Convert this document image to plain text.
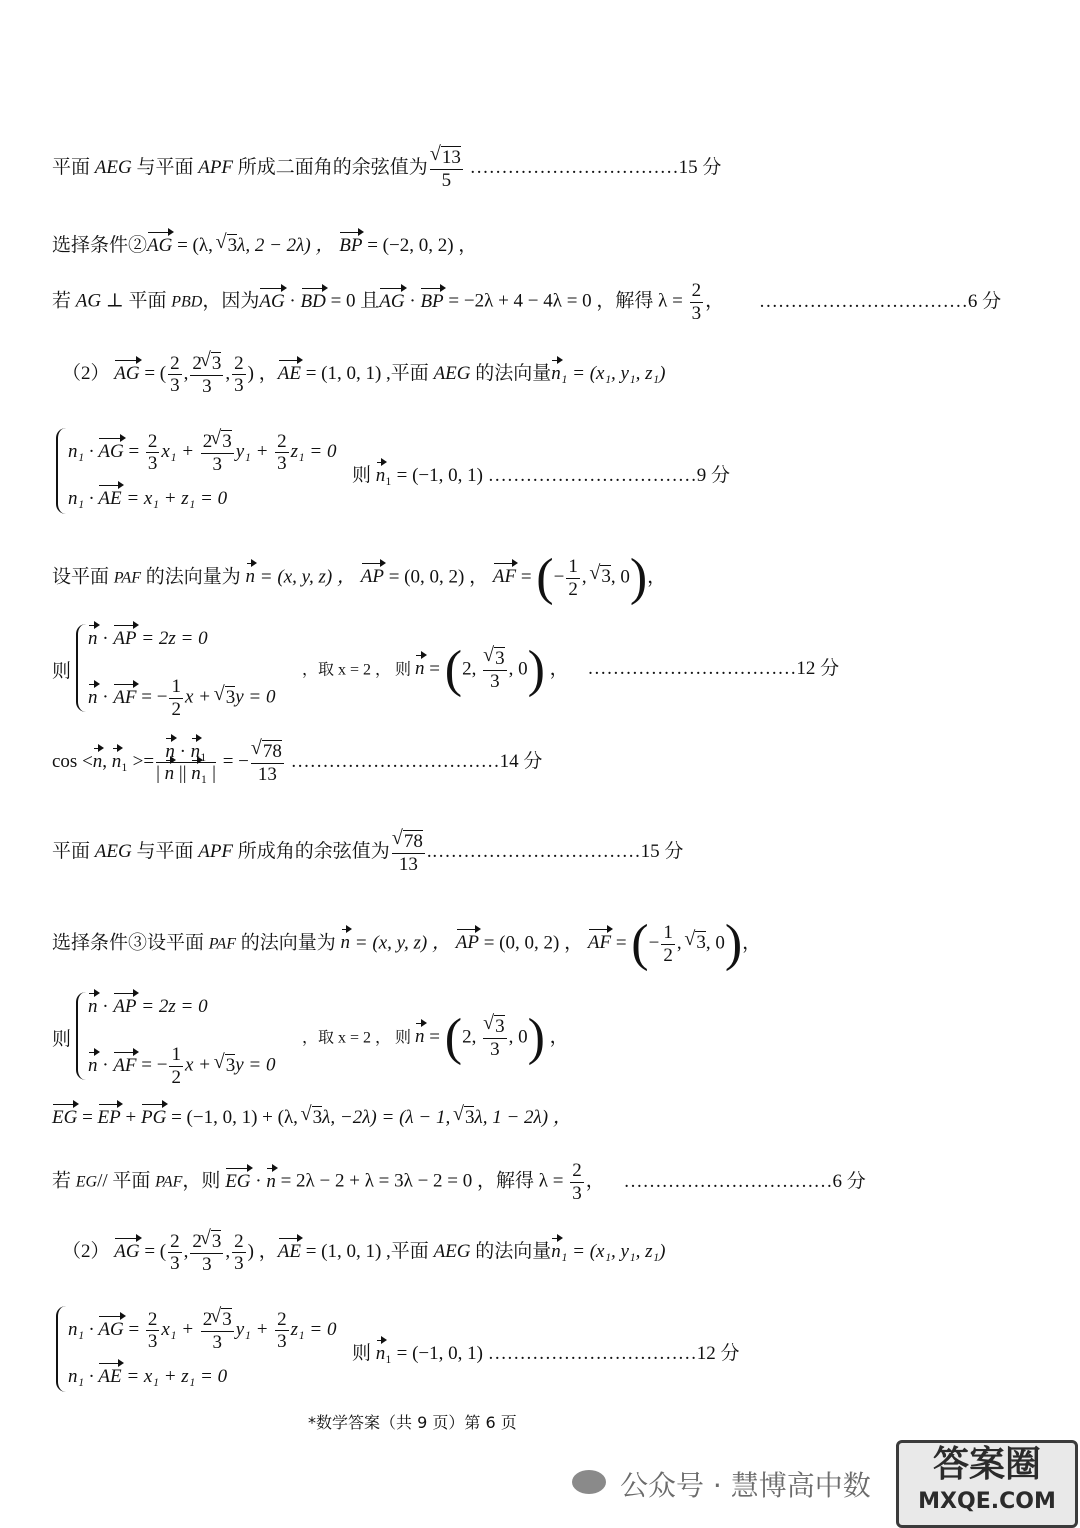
平面 AEG 与平面 APF 所成二面角的余弦值为 √ $\frac{13}{5}$ ……………………………15 分
选择条件②AG = (λ, √ 3λ, 2 − 2λ) ， BP = (−2, 0, 2) ，
若 AG ⊥ 平面 PBD，因为AG · BD = 0 且AG · BP = −2λ + 4 − 4λ = 0 ，解得 $\lambda = \frac{2}{3}$ ， ……………………………6 分
（2） AG = ( $\frac{2}{3}$ , $\frac{2 √ 3}{3}$ , $\frac{2}{3}$ ) ，AE = (1, 0, 1) ,平面 AEG 的法向量n₁ = (x₁, y₁, z₁)
n₁ · AG = $\frac{2}{3} x_1 + \frac{2 √ 3}{3} y_1 + \frac{2}{3} z_1 = 0$
n₁ · AE = x₁ + z₁ = 0
则 n₁ = (−1, 0, 1) ……………………………9 分
设平面 PAF 的法向量为 n = (x, y, z) ， AP = (0, 0, 2) ， AF = (− $\frac{1}{2}$ , √ 3, 0)，
则
n · AP = 2z = 0
n · AF = − $\frac{1}{2}$ x + √ 3y = 0
，取 x = 2 ， 则 n = (2, √ $\frac{3}{3}$ , 0) ， ……………………………12 分
cos <n, $n_1 >= \frac{\text{n · n₁}}{\text{| n || n₁ |}}$ = − √ $\frac{78}{13}$ ……………………………14 分
平面 AEG 与平面 APF 所成角的余弦值为 √ $\frac{78}{13}$ .……………………………15 分
选择条件③设平面 PAF 的法向量为 n = (x, y, z) ， AP = (0, 0, 2) ， AF = (− $\frac{1}{2}$ , √ 3, 0)，
则
n · AP = 2z = 0
n · AF = − $\frac{1}{2}$ x + √ 3y = 0
，取 x = 2 ， 则 n = (2, √ $\frac{3}{3}$ , 0) ，
EG = EP + PG = (−1, 0, 1) + (λ, √ 3λ, −2λ) = (λ − 1, √ 3λ, 1 − 2λ) ，
若 EG// 平面 PAF，则 EG · n = 2λ − 2 + λ = 3λ − 2 = 0 ，解得 $\lambda = \frac{2}{3}$ ， ……………………………6 分
（2） AG = ( $\frac{2}{3}$ , $\frac{2 √ 3}{3}$ , $\frac{2}{3}$ ) ，AE = (1, 0, 1) ,平面 AEG 的法向量n₁ = (x₁, y₁, z₁)
n₁ · AG = $\frac{2}{3} x_1 + \frac{2 √ 3}{3} y_1 + \frac{2}{3} z_1 = 0$
n₁ · AE = x₁ + z₁ = 0
则 n₁ = (−1, 0, 1) ……………………………12 分
*数学答案（共 9 页）第 6 页
公众号 · 慧博高中数
答案圈
MXQE.COM
